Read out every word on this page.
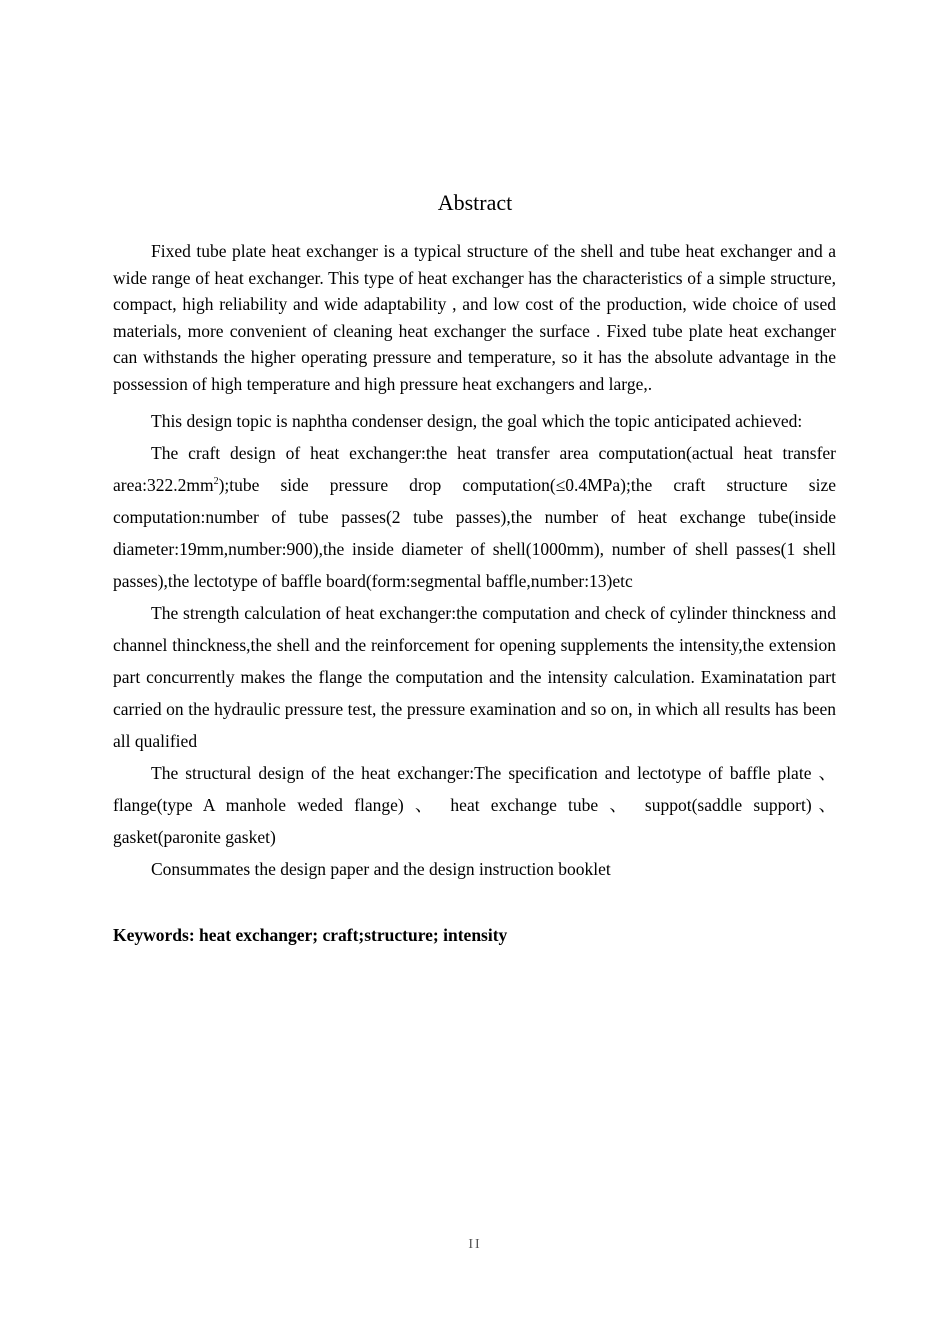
Abstract

Fixed tube plate heat exchanger is a typical structure of the shell and tube heat exchanger and a wide range of heat exchanger. This type of heat exchanger has the characteristics of a simple structure, compact, high reliability and wide adaptability , and low cost of the production, wide choice of used materials, more convenient of cleaning heat exchanger the surface . Fixed tube plate heat exchanger can withstands the higher operating pressure and temperature, so it has the absolute advantage in the possession of high temperature and high pressure heat exchangers and large,.

This design topic is naphtha condenser design, the goal which the topic anticipated achieved:

The craft design of heat exchanger:the heat transfer area computation(actual heat transfer $area:322.2mm^2);tube$ side pressure drop computation(≤0.4MPa);the craft structure size computation:number of tube passes(2 tube passes),the number of heat exchange tube(inside diameter:19mm,number:900),the inside diameter of shell(1000mm), number of shell passes(1 shell passes),the lectotype of baffle board(form:segmental baffle,number:13)etc

The strength calculation of heat exchanger:the computation and check of cylinder thinckness and channel thinckness,the shell and the reinforcement for opening supplements the intensity,the extension part concurrently makes the flange the computation and the intensity calculation. Examinatation part carried on the hydraulic pressure test, the pressure examination and so on, in which all results has been all qualified

The structural design of the heat exchanger:The specification and lectotype of baffle plate 、 flange(type A manhole weded flange) 、 heat exchange tube 、 suppot(saddle support)、gasket(paronite gasket)

Consummates the design paper and the design instruction booklet

Keywords: heat exchanger; craft;structure; intensity

II
